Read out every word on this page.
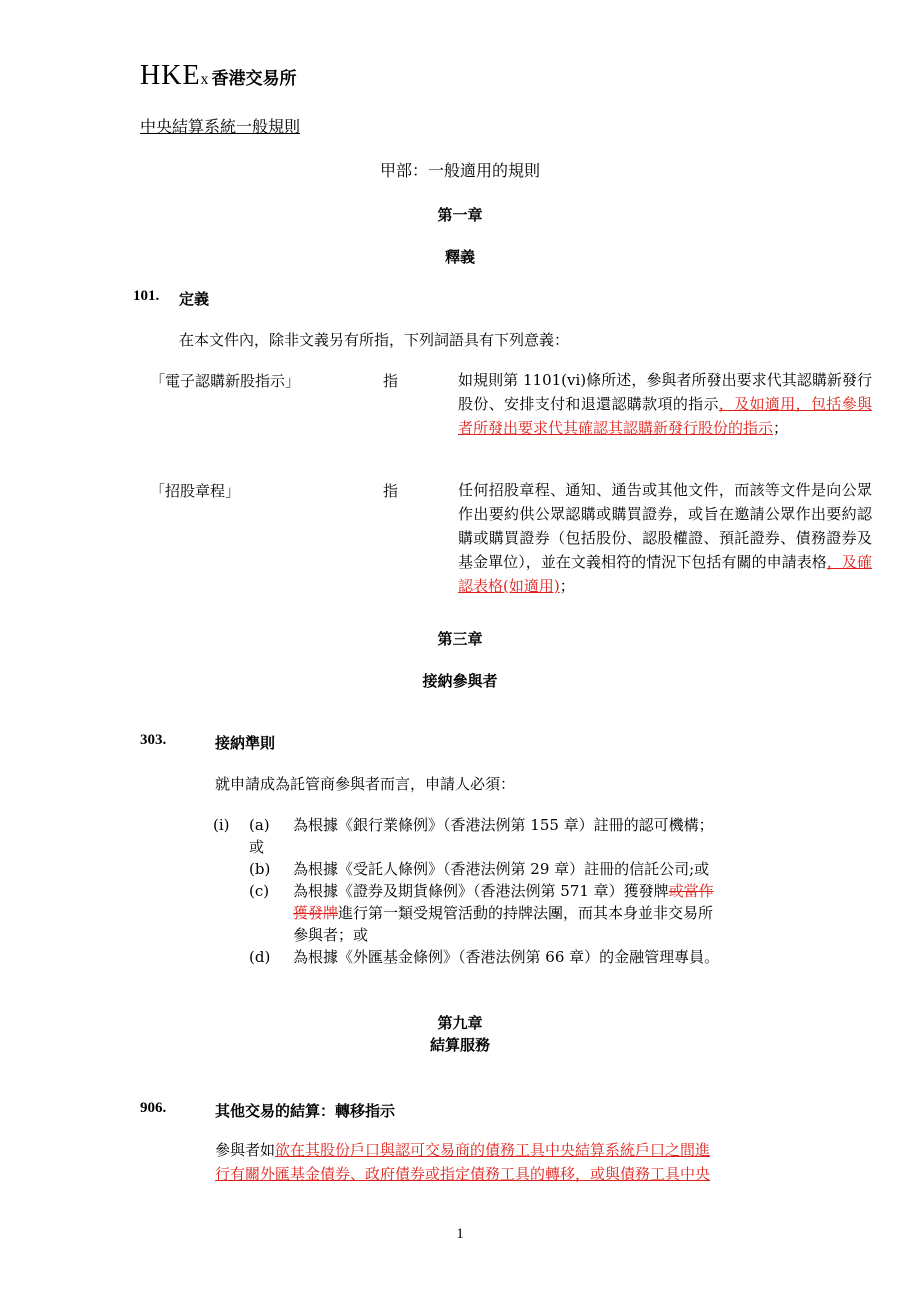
HKE x 香港交易所
中央結算系統一般規則
甲部：一般適用的規則
第一章
釋義
101. 定義
在本文件內，除非文義另有所指，下列詞語具有下列意義：
「電子認購新股指示」	指	如規則第 1101(vi)條所述，參與者所發出要求代其認購新發行股份、安排支付和退還認購款項的指示，及如適用，包括參與者所發出要求代其確認其認購新發行股份的指示；
「招股章程」	指	任何招股章程、通知、通告或其他文件，而該等文件是向公眾作出要約供公眾認購或購買證券，或旨在邀請公眾作出要約認購或購買證券（包括股份、認股權證、預託證券、債務證券及基金單位），並在文義相符的情況下包括有關的申請表格，及確認表格(如適用)；
第三章
接納參與者
303.	接納準則
就申請成為託管商參與者而言，申請人必須：
(i) (a) 為根據《銀行業條例》（香港法例第 155 章）註冊的認可機構；
或
(b) 為根據《受託人條例》（香港法例第 29 章）註冊的信託公司;或
(c) 為根據《證券及期貨條例》（香港法例第 571 章）獲發牌或當作
獲發牌進行第一類受規管活動的持牌法團，而其本身並非交易所
參與者；或
(d) 為根據《外匯基金條例》（香港法例第 66 章）的金融管理專員。
第九章
結算服務
906.	其他交易的結算：轉移指示
參與者如欲在其股份戶口與認可交易商的債務工具中央結算系統戶口之間進
行有關外匯基金債券、政府債券或指定債務工具的轉移，或與債務工具中央
1
